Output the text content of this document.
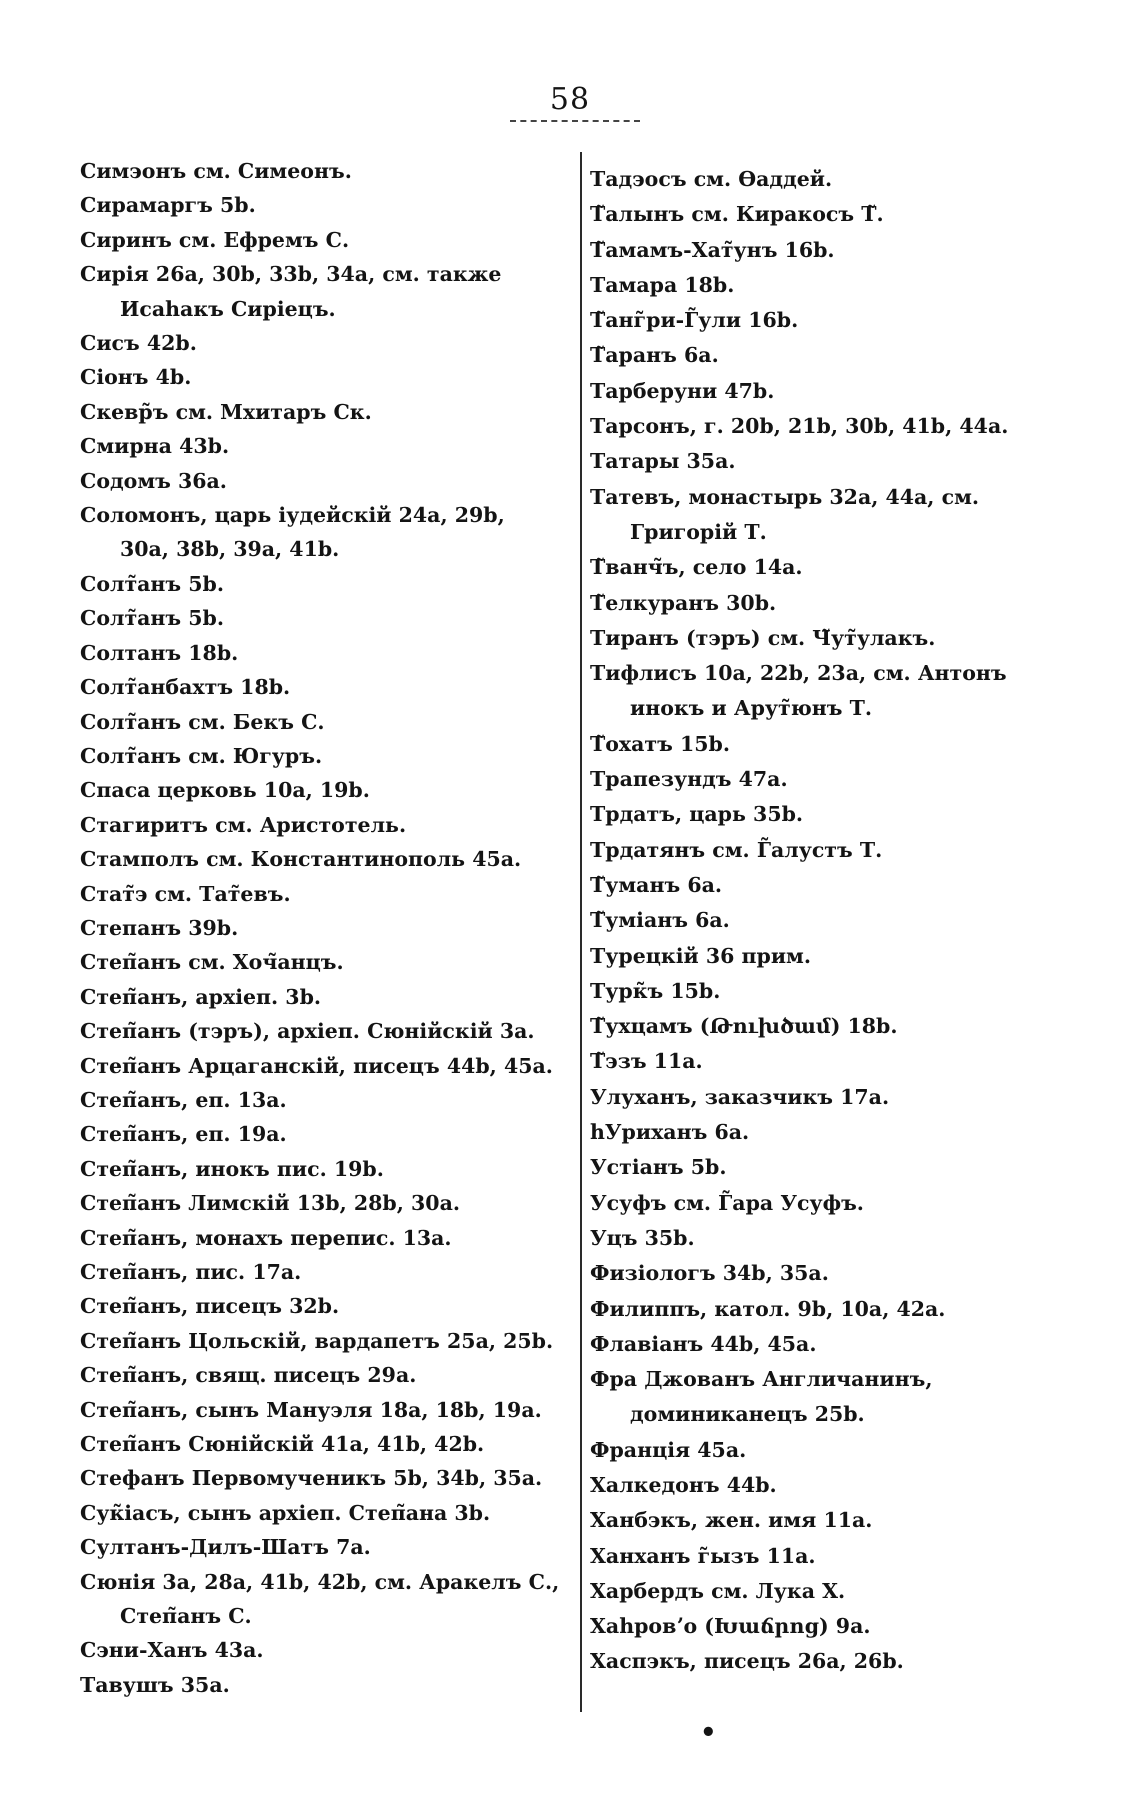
58
Симэонъ см. Симеонъ.
Сирамаргъ 5b.
Сиринъ см. Ефремъ С.
Сирія 26a, 30b, 33b, 34a, см. также Исаһакъ Сиріецъ.
Сисъ 42b.
Сіонъ 4b.
Скевр̃ъ см. Мхитаръ Ск.
Смирна 43b.
Содомъ 36a.
Соломонъ, царь іудейскій 24a, 29b, 30a, 38b, 39a, 41b.
Солт̃анъ 5b.
Солт̃анъ 5b.
Солтанъ 18b.
Солт̃анбахтъ 18b.
Солт̃анъ см. Бекъ С.
Солт̃анъ см. Югуръ.
Спаса церковь 10a, 19b.
Стагиритъ см. Аристотель.
Стамполъ см. Константинополь 45a.
Стат̃э см. Тат̃евъ.
Степанъ 39b.
Степ̃анъ см. Хоч̃анцъ.
Степ̃анъ, архіеп. 3b.
Степ̃анъ (тэръ), архіеп. Сюнійскій 3a.
Степ̃анъ Арцаганскій, писецъ 44b, 45a.
Степ̃анъ, еп. 13a.
Степ̃анъ, еп. 19a.
Степ̃анъ, инокъ пис. 19b.
Степ̃анъ Лимскій 13b, 28b, 30a.
Степ̃анъ, монахъ перепис. 13a.
Степ̃анъ, пис. 17a.
Степ̃анъ, писецъ 32b.
Степ̃анъ Цольскій, вардапетъ 25a, 25b.
Степ̃анъ, свящ. писецъ 29a.
Степ̃анъ, сынъ Мануэля 18a, 18b, 19a.
Степ̃анъ Сюнійскій 41a, 41b, 42b.
Стефанъ Первомученикъ 5b, 34b, 35a.
Сук̃іасъ, сынъ архіеп. Степ̃ана 3b.
Султанъ-Дилъ-Шатъ 7a.
Сюнія 3a, 28a, 41b, 42b, см. Аракелъ С., Степ̃анъ С.
Сэни-Ханъ 43a.
Тавушъ 35a.
Тадэосъ см. Өаддей.
Т̃алынъ см. Киракосъ Т̃.
Т̃амамъ-Хат̃унъ 16b.
Тамара 18b.
Т̃анг̃ри-Г̃ули 16b.
Т̃аранъ 6a.
Тарберуни 47b.
Тарсонъ, г. 20b, 21b, 30b, 41b, 44a.
Татары 35a.
Татевъ, монастырь 32a, 44a, см. Григорій Т.
Т̃ванч̃ъ, село 14a.
Т̃елкуранъ 30b.
Тиранъ (тэръ) см. Ч̃ут̃улакъ.
Тифлисъ 10a, 22b, 23a, см. Антонъ инокъ и Арут̃юнъ Т.
Т̃охатъ 15b.
Трапезундъ 47a.
Трдатъ, царь 35b.
Трдатянъ см. Г̃алустъ Т.
Т̃уманъ 6a.
Т̃уміанъ 6a.
Турецкій 36 прим.
Турк̃ъ 15b.
Т̃ухцамъ (Թուխծամ) 18b.
Т̃эзъ 11a.
Улуханъ, заказчикъ 17a.
һУриханъ 6a.
Устіанъ 5b.
Усуфъ см. Г̃ара Усуфъ.
Уцъ 35b.
Физіологъ 34b, 35a.
Филиппъ, катол. 9b, 10a, 42a.
Флавіанъ 44b, 45a.
Фра Джованъ Англичанинъ, доминиканецъ 25b.
Франція 45a.
Халкедонъ 44b.
Ханбэкъ, жен. имя 11a.
Ханханъ г̃ызъ 11a.
Харбердъ см. Лука Х.
Хаһровʼо (Խաճրոց) 9a.
Хаспэкъ, писецъ 26a, 26b.
•
